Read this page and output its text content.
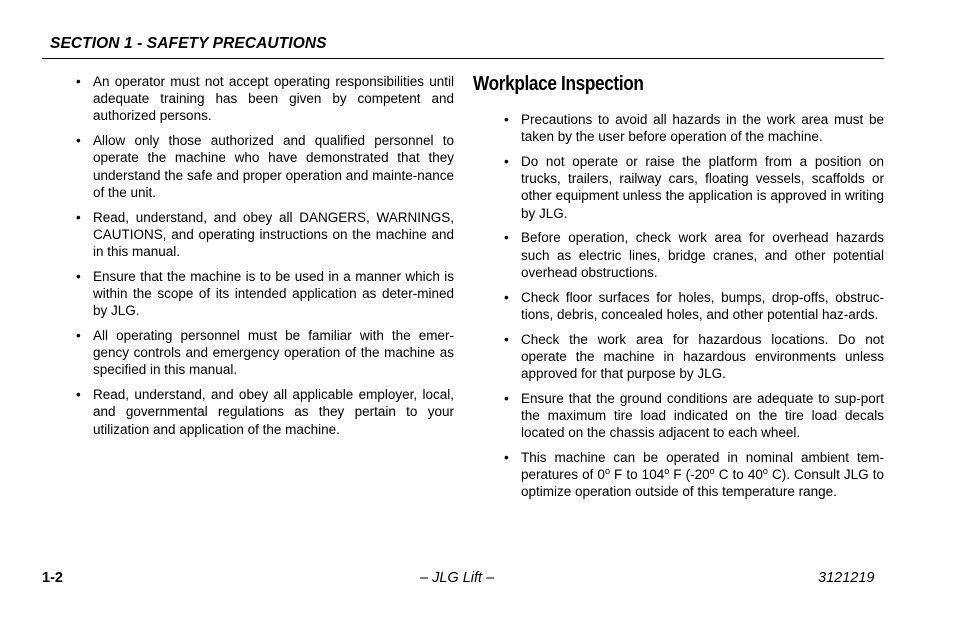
SECTION 1 - SAFETY PRECAUTIONS
• An operator must not accept operating responsibilities until adequate training has been given by competent and authorized persons.
• Allow only those authorized and qualified personnel to operate the machine who have demonstrated that they understand the safe and proper operation and mainte-nance of the unit.
• Read, understand, and obey all DANGERS, WARNINGS, CAUTIONS, and operating instructions on the machine and in this manual.
• Ensure that the machine is to be used in a manner which is within the scope of its intended application as deter-mined by JLG.
• All operating personnel must be familiar with the emer-gency controls and emergency operation of the machine as specified in this manual.
• Read, understand, and obey all applicable employer, local, and governmental regulations as they pertain to your utilization and application of the machine.
Workplace Inspection
• Precautions to avoid all hazards in the work area must be taken by the user before operation of the machine.
• Do not operate or raise the platform from a position on trucks, trailers, railway cars, floating vessels, scaffolds or other equipment unless the application is approved in writing by JLG.
• Before operation, check work area for overhead hazards such as electric lines, bridge cranes, and other potential overhead obstructions.
• Check floor surfaces for holes, bumps, drop-offs, obstruc-tions, debris, concealed holes, and other potential haz-ards.
• Check the work area for hazardous locations. Do not operate the machine in hazardous environments unless approved for that purpose by JLG.
• Ensure that the ground conditions are adequate to sup-port the maximum tire load indicated on the tire load decals located on the chassis adjacent to each wheel.
• This machine can be operated in nominal ambient tem-peratures of 0$^o$ F to 104$^o$ F (-20$^o$ C to 40$^o$ C). Consult JLG to optimize operation outside of this temperature range.
1-2	– JLG Lift –	3121219
